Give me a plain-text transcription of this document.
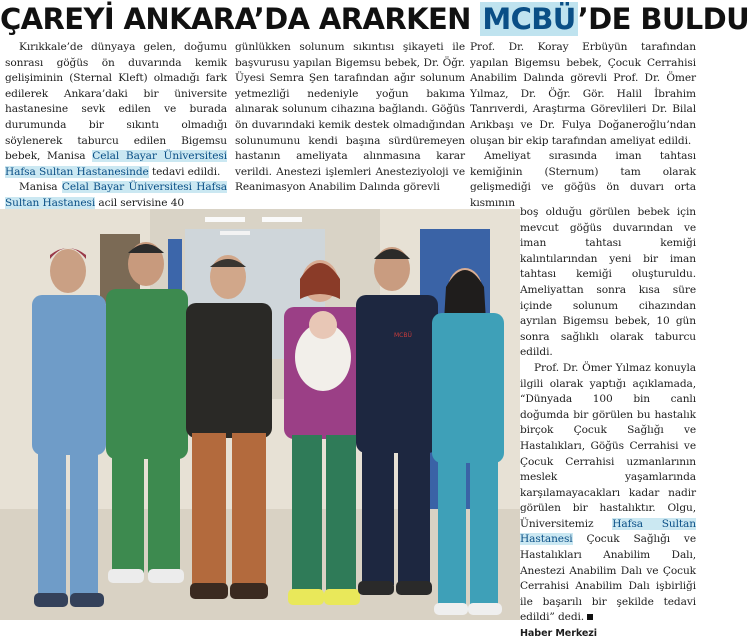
ÇAREYİ ANKARA’DA ARARKEN MCBÜ’DE BULDU

Kırıkkale’de dünyaya gelen, doğumu sonrası göğüs ön duvarında kemik gelişiminin (Sternal Kleft) olmadığı fark edilerek Ankara’daki bir üniversite hastanesine sevk edilen ve burada durumunda bir sıkıntı olmadığı söylenerek taburcu edilen Bigemsu bebek, Manisa Celal Bayar Üniversitesi Hafsa Sultan Hastanesinde tedavi edildi.

Manisa Celal Bayar Üniversitesi Hafsa Sultan Hastanesi acil servisine 40

günlükken solunum sıkıntısı şikayeti ile başvurusu yapılan Bigemsu bebek, Dr. Öğr. Üyesi Semra Şen tarafından ağır solunum yetmezliği nedeniyle yoğun bakıma alınarak solunum cihazına bağlandı. Göğüs ön duvarındaki kemik destek olmadığından solunumunu kendi başına sürdüremeyen hastanın ameliyata alınmasına karar verildi. Anestezi işlemleri Anesteziyoloji ve Reanimasyon Anabilim Dalında görevli

Prof. Dr. Koray Erbüyün tarafından yapılan Bigemsu bebek, Çocuk Cerrahisi Anabilim Dalında görevli Prof. Dr. Ömer Yılmaz, Dr. Öğr. Gör. Halil İbrahim Tanrıverdi, Araştırma Görevlileri Dr. Bilal Arıkbaşı ve Dr. Fulya Doğaneroğlu’ndan oluşan bir ekip tarafından ameliyat edildi.

Ameliyat sırasında iman tahtası kemiğinin (Sternum) tam olarak gelişmediği ve göğüs ön duvarı orta kısmının

boş olduğu görülen bebek için mevcut göğüs duvarından ve iman tahtası kemiği kalıntılarından yeni bir iman tahtası kemiği oluşturuldu. Ameliyattan sonra kısa süre içinde solunum cihazından ayrılan Bigemsu bebek, 10 gün sonra sağlıklı olarak taburcu edildi.

Prof. Dr. Ömer Yılmaz konuyla ilgili olarak yaptığı açıklamada, “Dünyada 100 bin canlı doğumda bir görülen bu hastalık birçok Çocuk Sağlığı ve Hastalıkları, Göğüs Cerrahisi ve Çocuk Cerrahisi uzmanlarının meslek yaşamlarında karşılamayacakları kadar nadir görülen bir hastalıktır. Olgu, Üniversitemiz Hafsa Sultan Hastanesi Çocuk Sağlığı ve Hastalıkları Anabilim Dalı, Anestezi Anabilim Dalı ve Çocuk Cerrahisi Anabilim Dalı işbirliği ile başarılı bir şekilde tedavi edildi” dedi.

Haber Merkezi

MCBÜ
